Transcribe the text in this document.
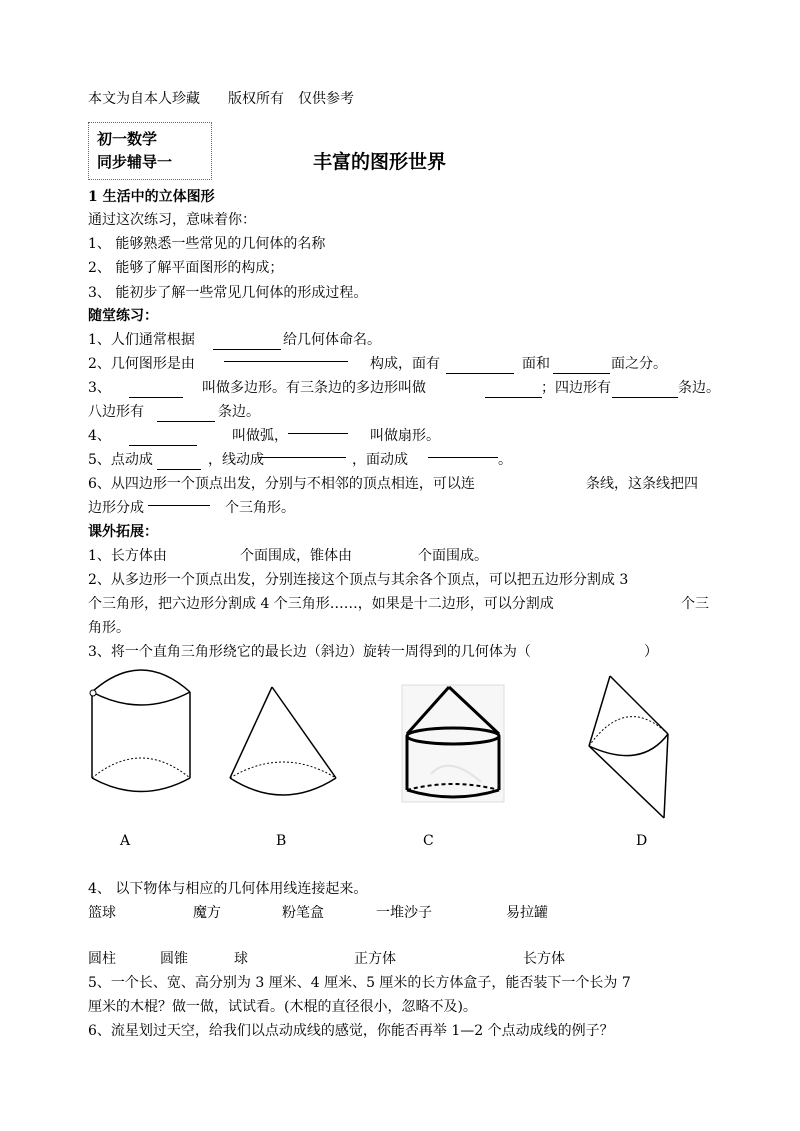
本文为自本人珍藏　　版权所有　仅供参考
初一数学
同步辅导一	丰富的图形世界
1 生活中的立体图形
通过这次练习，意味着你：
1、 能够熟悉一些常见的几何体的名称
2、 能够了解平面图形的构成；
3、 能初步了解一些常见几何体的形成过程。
随堂练习：
1、人们通常根据	给几何体命名。
2、几何图形是由	构成，面有	面和	面之分。
3、	叫做多边形。有三条边的多边形叫做	；四边形有	条边。
八边形有	条边。
4、	叫做弧，	叫做扇形。
5、点动成	，线动成	，面动成	。
6、从四边形一个顶点出发，分别与不相邻的顶点相连，可以连	条线，这条线把四
边形分成	个三角形。
课外拓展：
1、长方体由	个面围成，锥体由	个面围成。
2、从多边形一个顶点出发，分别连接这个顶点与其余各个顶点，可以把五边形分割成 3
个三角形，把六边形分割成 4 个三角形……，如果是十二边形，可以分割成	个三
角形。
3、将一个直角三角形绕它的最长边（斜边）旋转一周得到的几何体为（	）
A	B	C	D
4、 以下物体与相应的几何体用线连接起来。
篮球	魔方	粉笔盒	一堆沙子	易拉罐
圆柱	圆锥	球	正方体	长方体
5、一个长、宽、高分别为 3 厘米、4 厘米、5 厘米的长方体盒子，能否装下一个长为 7
厘米的木棍？做一做，试试看。(木棍的直径很小，忽略不及)。
6、流星划过天空，给我们以点动成线的感觉，你能否再举 1—2 个点动成线的例子？
